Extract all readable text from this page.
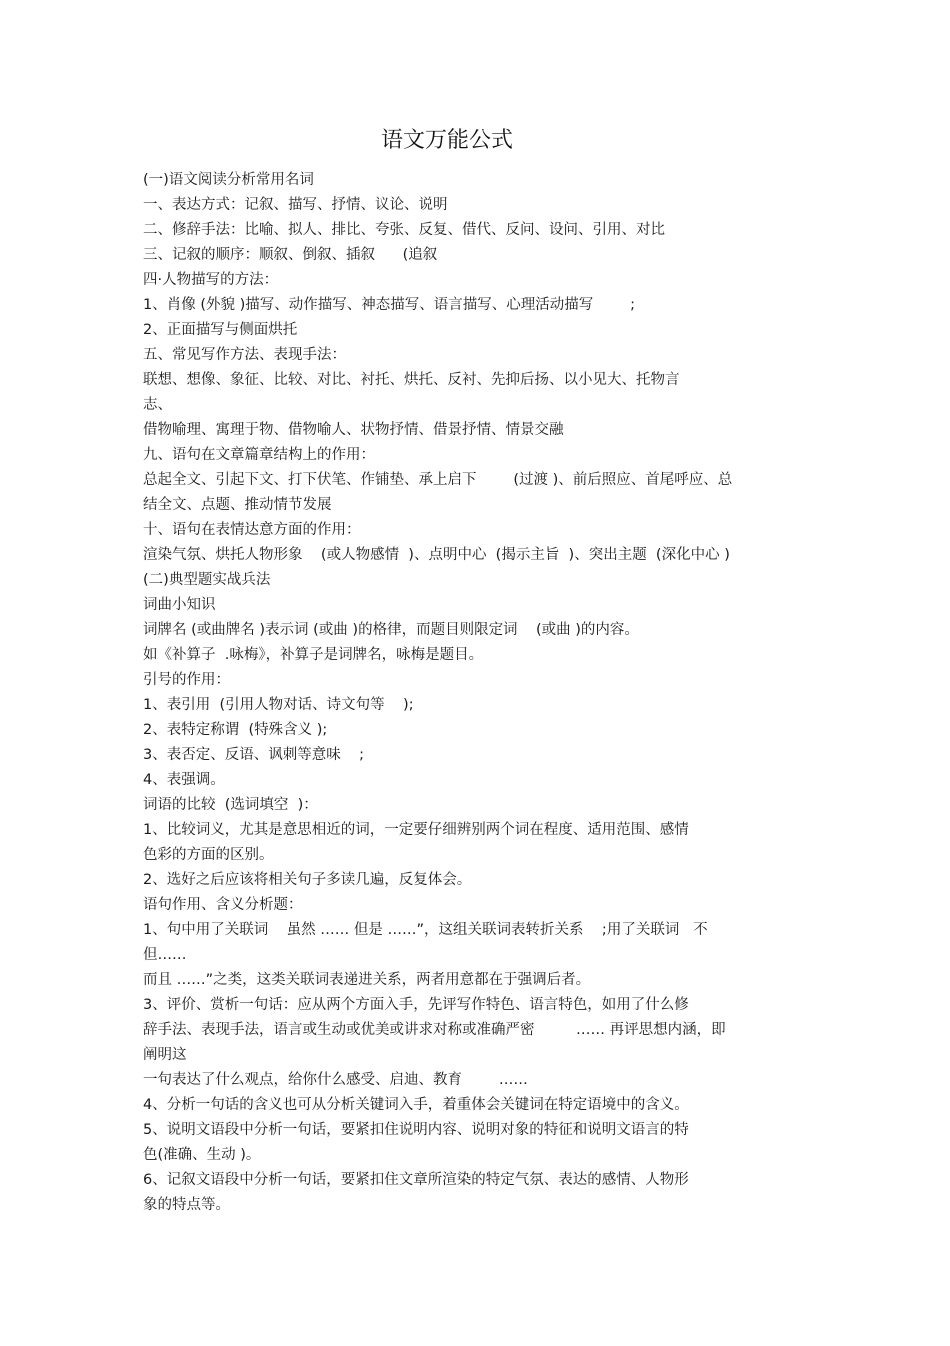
语文万能公式
(一)语文阅读分析常用名词
一、表达方式：记叙、描写、抒情、议论、说明
二、修辞手法：比喻、拟人、排比、夸张、反复、借代、反问、设问、引用、对比
三、记叙的顺序：顺叙、倒叙、插叙      (追叙
四·人物描写的方法：
1、肖像 (外貌 )描写、动作描写、神态描写、语言描写、心理活动描写        ;
2、正面描写与侧面烘托
五、常见写作方法、表现手法：
联想、想像、象征、比较、对比、衬托、烘托、反衬、先抑后扬、以小见大、托物言
志、
借物喻理、寓理于物、借物喻人、状物抒情、借景抒情、情景交融
九、语句在文章篇章结构上的作用：
总起全文、引起下文、打下伏笔、作铺垫、承上启下        (过渡 )、前后照应、首尾呼应、总
结全文、点题、推动情节发展
十、语句在表情达意方面的作用：
渲染气氛、烘托人物形象    (或人物感情  )、点明中心  (揭示主旨  )、突出主题  (深化中心 )
(二)典型题实战兵法
词曲小知识
词牌名 (或曲牌名 )表示词 (或曲 )的格律，而题目则限定词    (或曲 )的内容。
如《补算子  .咏梅》，补算子是词牌名，咏梅是题目。
引号的作用：
1、表引用  (引用人物对话、诗文句等    );
2、表特定称谓  (特殊含义 );
3、表否定、反语、讽刺等意味    ;
4、表强调。
词语的比较  (选词填空  )：
1、比较词义，尤其是意思相近的词，一定要仔细辨别两个词在程度、适用范围、感情
色彩的方面的区别。
2、选好之后应该将相关句子多读几遍，反复体会。
语句作用、含义分析题：
1、句中用了关联词    虽然 …… 但是 ……”，这组关联词表转折关系    ;用了关联词   不
但……
而且 ……”之类，这类关联词表递进关系，两者用意都在于强调后者。
3、评价、赏析一句话：应从两个方面入手，先评写作特色、语言特色，如用了什么修
辞手法、表现手法，语言或生动或优美或讲求对称或准确严密         …… 再评思想内涵，即
阐明这
一句表达了什么观点，给你什么感受、启迪、教育        ……
4、分析一句话的含义也可从分析关键词入手，着重体会关键词在特定语境中的含义。
5、说明文语段中分析一句话，要紧扣住说明内容、说明对象的特征和说明文语言的特
色(准确、生动 )。
6、记叙文语段中分析一句话，要紧扣住文章所渲染的特定气氛、表达的感情、人物形
象的特点等。
